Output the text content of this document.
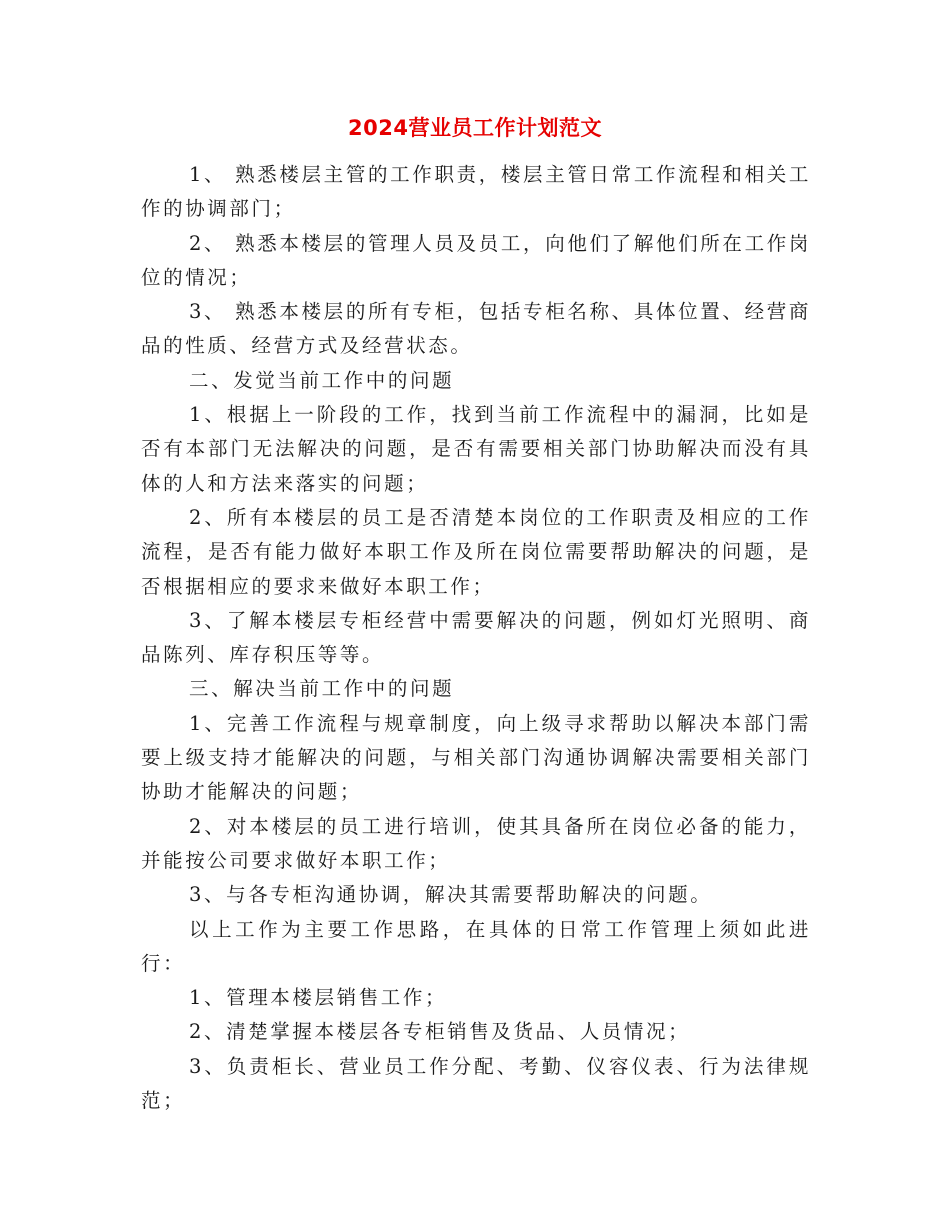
2024营业员工作计划范文

1、 熟悉楼层主管的工作职责，楼层主管日常工作流程和相关工作的协调部门；

2、 熟悉本楼层的管理人员及员工，向他们了解他们所在工作岗位的情况；

3、 熟悉本楼层的所有专柜，包括专柜名称、具体位置、经营商品的性质、经营方式及经营状态。

二、发觉当前工作中的问题

1、根据上一阶段的工作，找到当前工作流程中的漏洞，比如是否有本部门无法解决的问题，是否有需要相关部门协助解决而没有具体的人和方法来落实的问题；

2、所有本楼层的员工是否清楚本岗位的工作职责及相应的工作流程，是否有能力做好本职工作及所在岗位需要帮助解决的问题，是否根据相应的要求来做好本职工作；

3、了解本楼层专柜经营中需要解决的问题，例如灯光照明、商品陈列、库存积压等等。

三、解决当前工作中的问题

1、完善工作流程与规章制度，向上级寻求帮助以解决本部门需要上级支持才能解决的问题，与相关部门沟通协调解决需要相关部门协助才能解决的问题；

2、对本楼层的员工进行培训，使其具备所在岗位必备的能力，并能按公司要求做好本职工作；

3、与各专柜沟通协调，解决其需要帮助解决的问题。

以上工作为主要工作思路，在具体的日常工作管理上须如此进行：

1、管理本楼层销售工作；

2、清楚掌握本楼层各专柜销售及货品、人员情况；

3、负责柜长、营业员工作分配、考勤、仪容仪表、行为法律规范；
